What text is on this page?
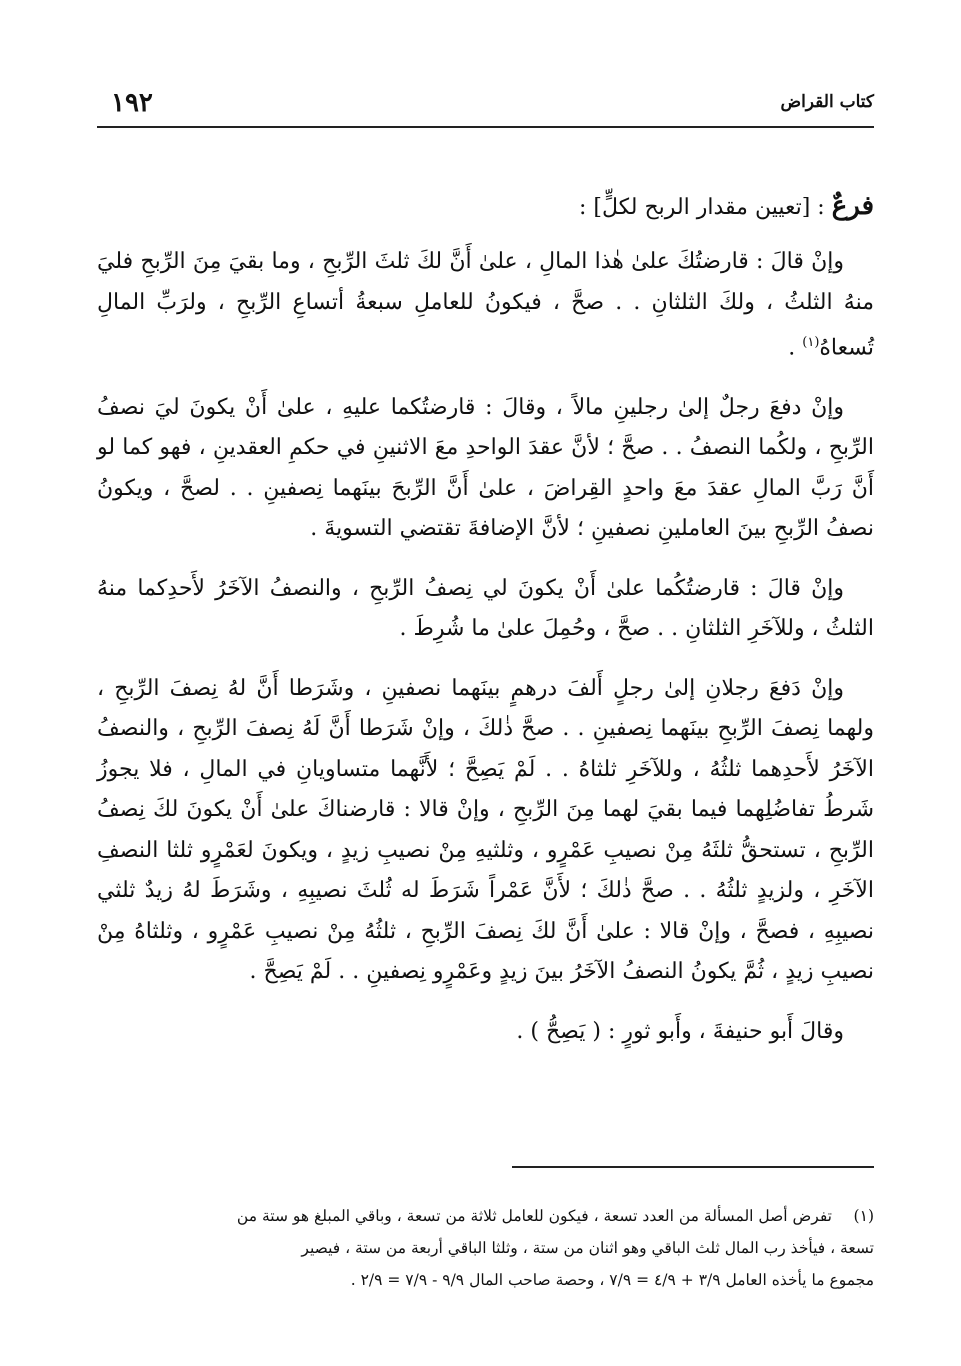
١٩٢	كتاب القراض
فرعٌ : [تعيين مقدار الربح لكلٍّ] :

وإنْ قالَ : قارضتُكَ علىٰ هٰذا المالِ ، علىٰ أَنَّ لكَ ثلثَ الرِّبحِ ، وما بقيَ مِنَ الرِّبحِ فليَ منهُ الثلثُ ، ولكَ الثلثانِ . . صحَّ ، فيكونُ للعاملِ سبعةُ أتساعِ الرِّبحِ ، ولرَبِّ المالِ تُسعاهُ$^{(١)}$ .

وإنْ دفعَ رجلٌ إلىٰ رجلينِ مالاً ، وقالَ : قارضتُكما عليهِ ، علىٰ أَنْ يكونَ ليَ نصفُ الرِّبحِ ، ولكُما النصفُ . . صحَّ ؛ لأنَّ عقدَ الواحدِ معَ الاثنينِ في حكمِ العقدينِ ، فهو كما لو أَنَّ رَبَّ المالِ عقدَ معَ واحدٍ القِراضَ ، علىٰ أَنَّ الرِّبحَ بينَهما نِصفينِ . . لصحَّ ، ويكونُ نصفُ الرِّبحِ بينَ العاملينِ نصفينِ ؛ لأنَّ الإضافةَ تقتضي التسويةَ .

وإنْ قالَ : قارضتُكُما علىٰ أَنْ يكونَ لي نِصفُ الرِّبحِ ، والنصفُ الآخَرُ لأَحدِكما منهُ الثلثُ ، وللآخَرِ الثلثانِ . . صحَّ ، وحُمِلَ علىٰ ما شُرِطَ .

وإنْ دَفعَ رجلانِ إلىٰ رجلٍ أَلفَ درهمٍ بينَهما نصفينِ ، وشَرَطا أَنَّ لهُ نِصفَ الرِّبحِ ، ولهما نِصفَ الرِّبحِ بينَهما نِصفينِ . . صحَّ ذٰلكَ ، وإنْ شَرَطا أَنَّ لَهُ نِصفَ الرِّبحِ ، والنصفُ الآخَرُ لأَحدِهما ثلثُهُ ، وللآخَرِ ثلثاهُ . . لَمْ يَصِحَّ ؛ لأَنَّهما متساويانِ في المالِ ، فلا يجوزُ شَرطُ تفاضُلِهما فيما بقيَ لهما مِنَ الرِّبحِ ، وإنْ قالا : قارضناكَ علىٰ أَنْ يكونَ لكَ نِصفُ الرِّبحِ ، تستحقُّ ثلثَهُ مِنْ نصيبِ عَمْرٍو ، وثلثيهِ مِنْ نصيبِ زيدٍ ، ويكونَ لعَمْرٍو ثلثا النصفِ الآخَرِ ، ولزيدٍ ثلثُهُ . . صحَّ ذٰلكَ ؛ لأَنَّ عَمْراً شَرَطَ له ثُلثَ نصيبِهِ ، وشَرَطَ لهُ زيدٌ ثلثي نصيبِهِ ، فصحَّ ، وإنْ قالا : علىٰ أَنَّ لكَ نِصفَ الرِّبحِ ، ثلثُهُ مِنْ نصيبِ عَمْرٍو ، وثلثاهُ مِنْ نصيبِ زيدٍ ، ثُمَّ يكونُ النصفُ الآخَرُ بينَ زيدٍ وعَمْرٍو نِصفينِ . . لَمْ يَصِحَّ .

وقالَ أَبو حنيفةَ ، وأَبو ثورٍ : ( يَصِحُّ ) .

(١)تفرض أصل المسألة من العدد تسعة ، فيكون للعامل ثلاثة من تسعة ، وباقي المبلغ هو ستة من
تسعة ، فيأخذ رب المال ثلث الباقي وهو اثنان من ستة ، وثلثا الباقي أربعة من ستة ، فيصير
مجموع ما يأخذه العامل ٣/٩ + ٤/٩ = ٧/٩ ، وحصة صاحب المال ٩/٩ - ٧/٩ = ٢/٩ .
